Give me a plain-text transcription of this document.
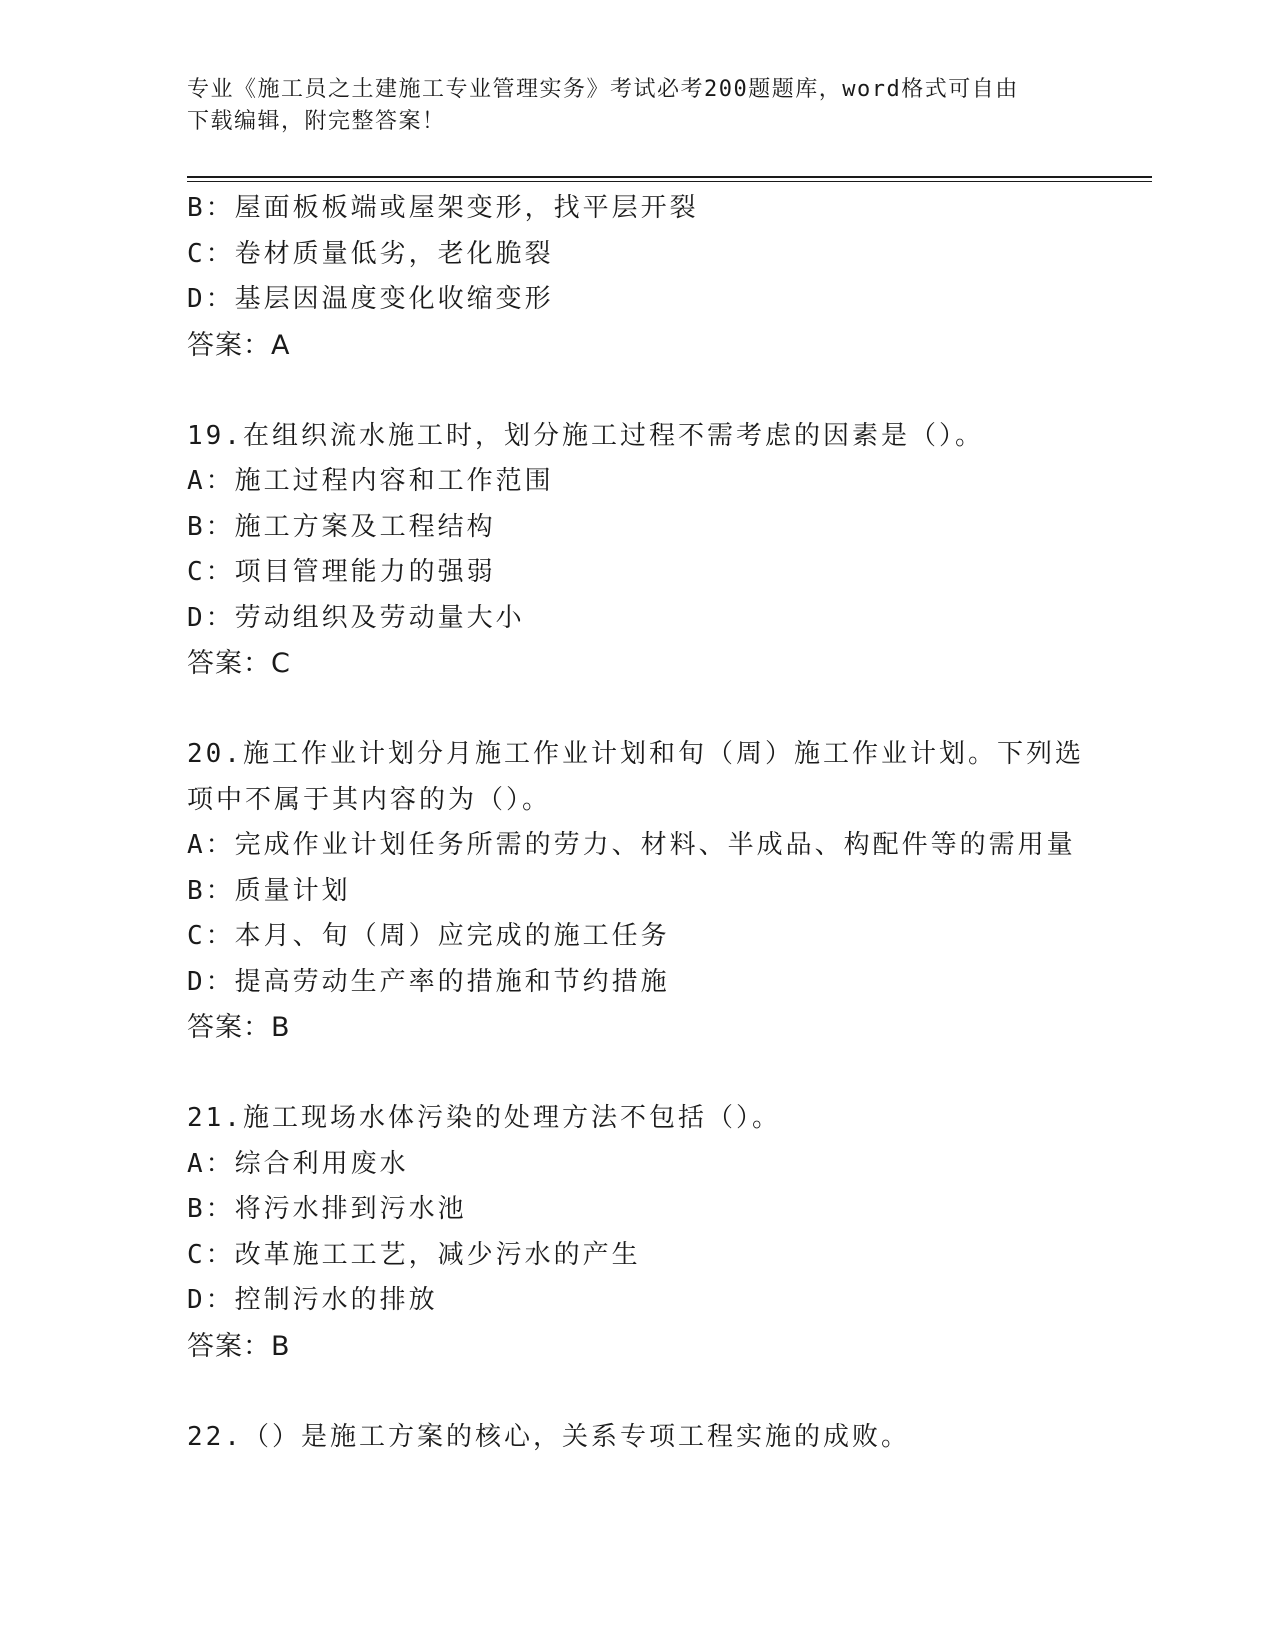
专业《施工员之土建施工专业管理实务》考试必考200题题库，word格式可自由
下载编辑，附完整答案！
B：屋面板板端或屋架变形，找平层开裂
C：卷材质量低劣，老化脆裂
D：基层因温度变化收缩变形
答案：A
19.在组织流水施工时，划分施工过程不需考虑的因素是（）。
A：施工过程内容和工作范围
B：施工方案及工程结构
C：项目管理能力的强弱
D：劳动组织及劳动量大小
答案：C
20.施工作业计划分月施工作业计划和旬（周）施工作业计划。下列选
项中不属于其内容的为（）。
A：完成作业计划任务所需的劳力、材料、半成品、构配件等的需用量
B：质量计划
C：本月、旬（周）应完成的施工任务
D：提高劳动生产率的措施和节约措施
答案：B
21.施工现场水体污染的处理方法不包括（）。
A：综合利用废水
B：将污水排到污水池
C：改革施工工艺，减少污水的产生
D：控制污水的排放
答案：B
22.（）是施工方案的核心，关系专项工程实施的成败。
